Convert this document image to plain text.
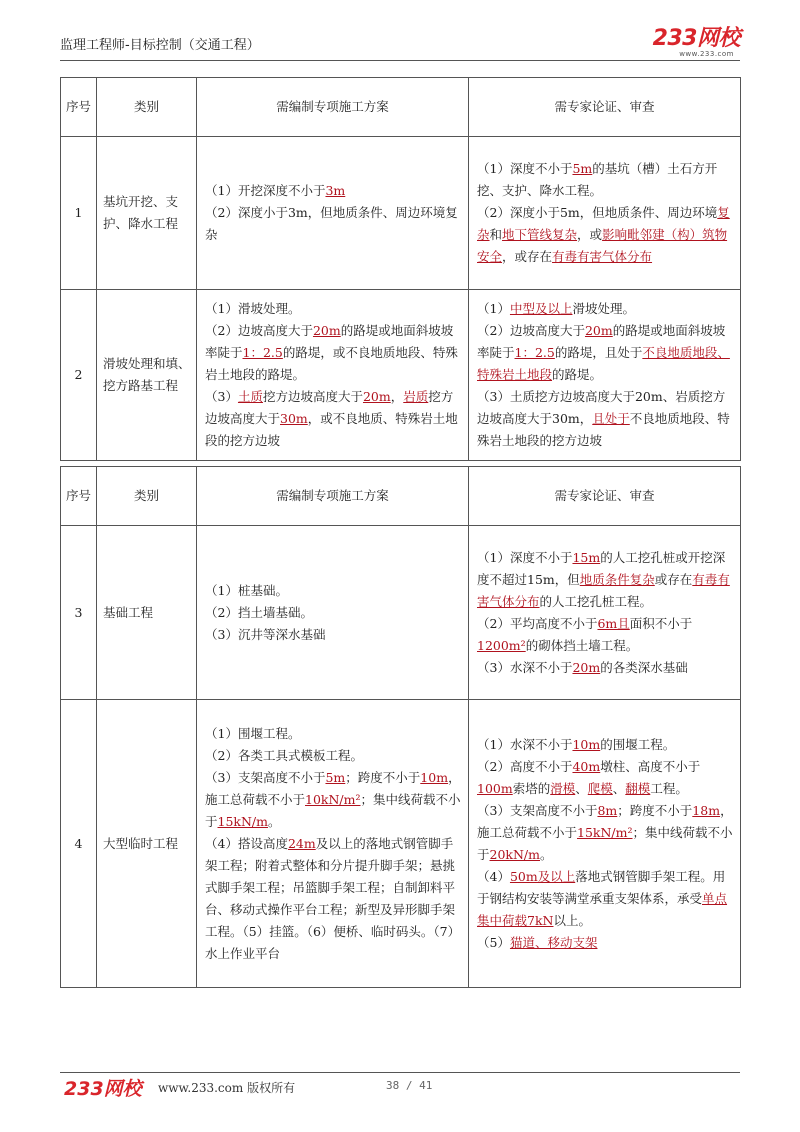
监理工程师-目标控制（交通工程）	233网校
www.233.com
序号	类别	需编制专项施工方案	需专家论证、审查
1	基坑开挖、支护、降水工程	（1）开挖深度不小于3m
（2）深度小于3m，但地质条件、周边环境复杂	（1）深度不小于5m的基坑（槽）土石方开挖、支护、降水工程。
（2）深度小于5m，但地质条件、周边环境复杂和地下管线复杂，或影响毗邻建（构）筑物安全，或存在有毒有害气体分布

2	滑坡处理和填、挖方路基工程	（1）滑坡处理。
（2）边坡高度大于20m的路堤或地面斜坡坡率陡于1：2.5的路堤，或不良地质地段、特殊岩土地段的路堤。
（3）土质挖方边坡高度大于20m，岩质挖方边坡高度大于30m，或不良地质、特殊岩土地段的挖方边坡	（1）中型及以上滑坡处理。
（2）边坡高度大于20m的路堤或地面斜坡坡率陡于1：2.5的路堤，且处于不良地质地段、特殊岩土地段的路堤。
（3）土质挖方边坡高度大于20m、岩质挖方边坡高度大于30m，且处于不良地质地段、特殊岩土地段的挖方边坡
序号	类别	需编制专项施工方案	需专家论证、审查
3	基础工程	（1）桩基础。
（2）挡土墙基础。
（3）沉井等深水基础	（1）深度不小于15m的人工挖孔桩或开挖深度不超过15m，但地质条件复杂或存在有毒有害气体分布的人工挖孔桩工程。
（2）平均高度不小于6m且面积不小于1200m²的砌体挡土墙工程。
（3）水深不小于20m的各类深水基础

4	大型临时工程	（1）围堰工程。
（2）各类工具式模板工程。
（3）支架高度不小于5m；跨度不小于10m，施工总荷载不小于10kN/m²；集中线荷载不小于15kN/m。
（4）搭设高度24m及以上的落地式钢管脚手架工程；附着式整体和分片提升脚手架；悬挑式脚手架工程；吊篮脚手架工程；自制卸料平台、移动式操作平台工程；新型及异形脚手架工程。（5）挂篮。（6）便桥、临时码头。（7）水上作业平台	（1）水深不小于10m的围堰工程。
（2）高度不小于40m墩柱、高度不小于100m索塔的滑模、爬模、翻模工程。
（3）支架高度不小于8m；跨度不小于18m，施工总荷载不小于15kN/m²；集中线荷载不小于20kN/m。
（4）50m及以上落地式钢管脚手架工程。用于钢结构安装等满堂承重支架体系，承受单点集中荷载7kN以上。
（5）猫道、移动支架
233网校 www.233.com 版权所有	38 / 41
